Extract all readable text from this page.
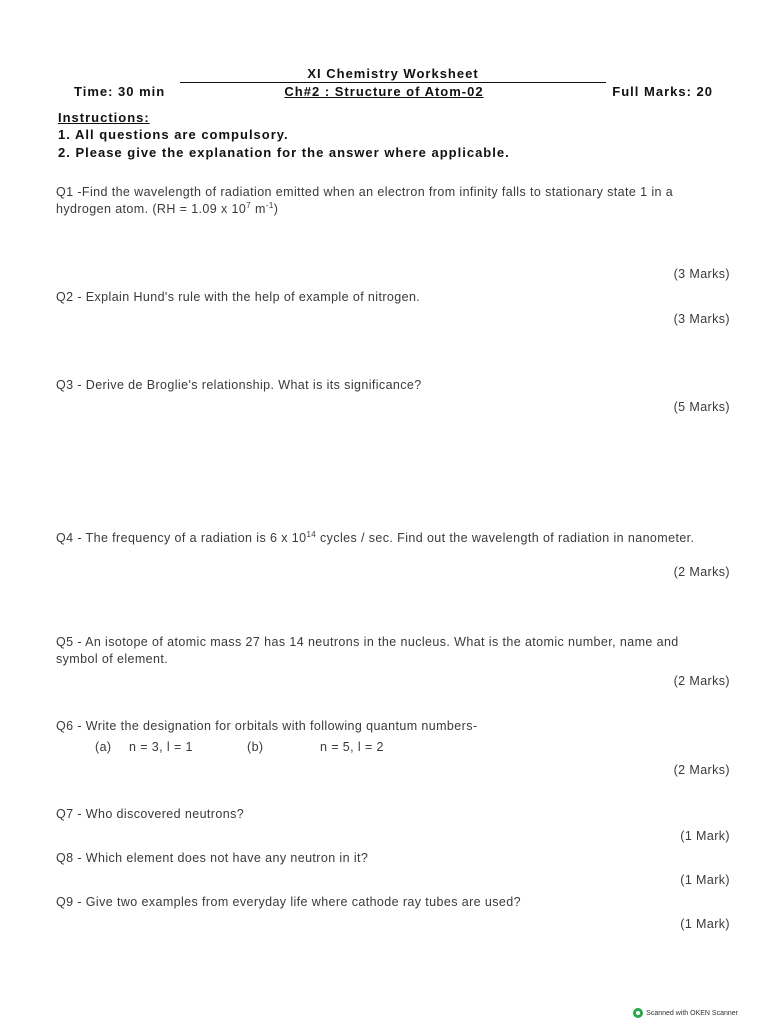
XI Chemistry Worksheet
Time: 30 min	Ch#2 : Structure of Atom-02	Full Marks: 20
Instructions:
1. All questions are compulsory.
2. Please give the explanation for the answer where applicable.
Q1 -Find the wavelength of radiation emitted when an electron from infinity falls to stationary state 1 in a hydrogen atom. (RH = 1.09 x $10^7$ $m^{-1}$)
(3 Marks)
Q2 - Explain Hund's rule with the help of example of nitrogen.
(3 Marks)
Q3 - Derive de Broglie's relationship. What is its significance?
(5 Marks)
Q4 - The frequency of a radiation is 6 x $10^{14}$ cycles / sec. Find out the wavelength of radiation in nanometer.
(2 Marks)
Q5 - An isotope of atomic mass 27 has 14 neutrons in the nucleus. What is the atomic number, name and symbol of element.
(2 Marks)
Q6 - Write the designation for orbitals with following quantum numbers-
(a) n = 3, l = 1	(b)	n = 5, l = 2
(2 Marks)
Q7 - Who discovered neutrons?
(1 Mark)
Q8 - Which element does not have any neutron in it?
(1 Mark)
Q9 - Give two examples from everyday life where cathode ray tubes are used?
(1 Mark)
Scanned with OKEN Scanner
